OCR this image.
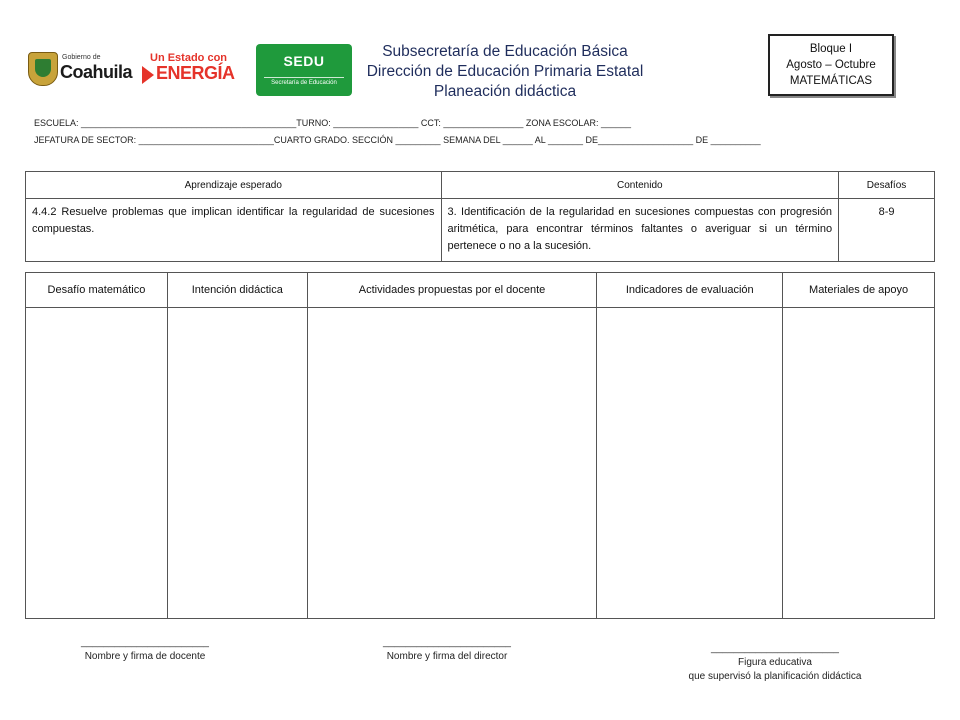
Gobierno de
Coahuila
Un Estado con
ENERGÍA
SEDU
Secretaría de Educación
Subsecretaría de Educación Básica
Dirección de Educación Primaria Estatal
Planeación didáctica
Bloque I
Agosto – Octubre
MATEMÁTICAS
ESCUELA: ___________________________________________TURNO: _________________ CCT: ________________ ZONA ESCOLAR: ______
JEFATURA DE SECTOR: ___________________________CUARTO GRADO. SECCIÓN _________ SEMANA DEL ______ AL _______ DE___________________ DE __________
Aprendizaje esperado	Contenido	Desafíos
4.4.2 Resuelve problemas que implican identificar la regularidad de sucesiones compuestas.	3. Identificación de la regularidad en sucesiones compuestas con progresión aritmética, para encontrar términos faltantes o averiguar si un término pertenece o no a la sucesión.	8-9
Desafío matemático	Intención didáctica	Actividades propuestas por el docente	Indicadores de evaluación	Materiales de apoyo

_______________________
Nombre y firma de docente
_______________________
Nombre y firma del director
_______________________
Figura educativa
que supervisó la planificación didáctica
